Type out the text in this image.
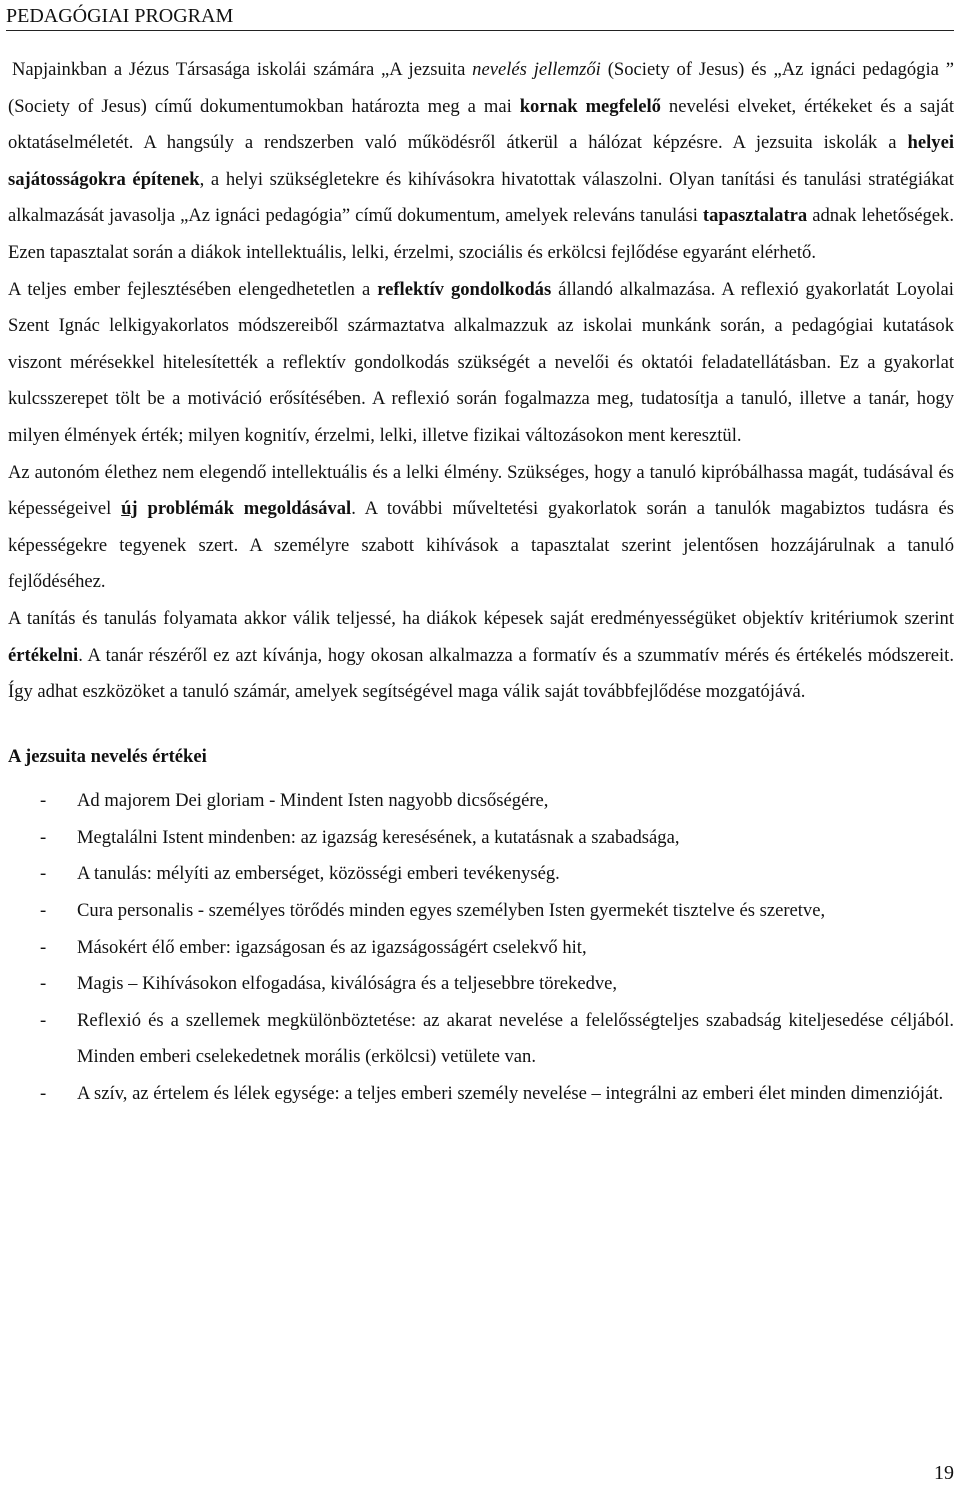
PEDAGÓGIAI PROGRAM

Napjainkban a Jézus Társasága iskolái számára „A jezsuita nevelés jellemzői (Society of Jesus) és „Az ignáci pedagógia ” (Society of Jesus) című dokumentumokban határozta meg a mai kornak megfelelő nevelési elveket, értékeket és a saját oktatáselméletét. A hangsúly a rendszerben való működésről átkerül a hálózat képzésre. A jezsuita iskolák a helyei sajátosságokra építenek, a helyi szükségletekre és kihívásokra hivatottak válaszolni. Olyan tanítási és tanulási stratégiákat alkalmazását javasolja „Az ignáci pedagógia” című dokumentum, amelyek releváns tanulási tapasztalatra adnak lehetőségek. Ezen tapasztalat során a diákok intellektuális, lelki, érzelmi, szociális és erkölcsi fejlődése egyaránt elérhető.

A teljes ember fejlesztésében elengedhetetlen a reflektív gondolkodás állandó alkalmazása. A reflexió gyakorlatát Loyolai Szent Ignác lelkigyakorlatos módszereiből származtatva alkalmazzuk az iskolai munkánk során, a pedagógiai kutatások viszont mérésekkel hitelesítették a reflektív gondolkodás szükségét a nevelői és oktatói feladatellátásban. Ez a gyakorlat kulcsszerepet tölt be a motiváció erősítésében. A reflexió során fogalmazza meg, tudatosítja a tanuló, illetve a tanár, hogy milyen élmények érték; milyen kognitív, érzelmi, lelki, illetve fizikai változásokon ment keresztül.

Az autonóm élethez nem elegendő intellektuális és a lelki élmény. Szükséges, hogy a tanuló kipróbálhassa magát, tudásával és képességeivel új problémák megoldásával. A további műveltetési gyakorlatok során a tanulók magabiztos tudásra és képességekre tegyenek szert. A személyre szabott kihívások a tapasztalat szerint jelentősen hozzájárulnak a tanuló fejlődéséhez.

A tanítás és tanulás folyamata akkor válik teljessé, ha diákok képesek saját eredményességüket objektív kritériumok szerint értékelni. A tanár részéről ez azt kívánja, hogy okosan alkalmazza a formatív és a szummatív mérés és értékelés módszereit. Így adhat eszközöket a tanuló számár, amelyek segítségével maga válik saját továbbfejlődése mozgatójává.

A jezsuita nevelés értékei
- Ad majorem Dei gloriam - Mindent Isten nagyobb dicsőségére,
- Megtalálni Istent mindenben: az igazság keresésének, a kutatásnak a szabadsága,
- A tanulás: mélyíti az emberséget, közösségi emberi tevékenység.
- Cura personalis - személyes törődés minden egyes személyben Isten gyermekét tisztelve és szeretve,
- Másokért élő ember: igazságosan és az igazságosságért cselekvő hit,
- Magis – Kihívásokon elfogadása, kiválóságra és a teljesebbre törekedve,
- Reflexió és a szellemek megkülönböztetése: az akarat nevelése a felelősségteljes szabadság kiteljesedése céljából. Minden emberi cselekedetnek morális (erkölcsi) vetülete van.
- A szív, az értelem és lélek egysége: a teljes emberi személy nevelése – integrálni az emberi élet minden dimenzióját.
19
